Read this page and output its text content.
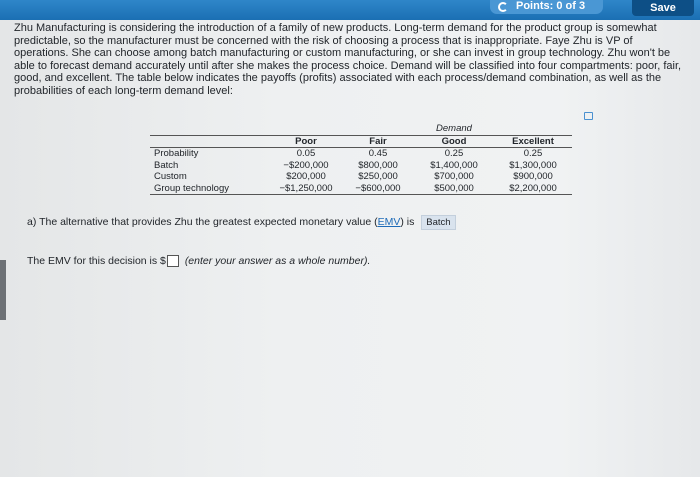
Points: 0 of 3	Save

Zhu Manufacturing is considering the introduction of a family of new products. Long-term demand for the product group is somewhat predictable, so the manufacturer must be concerned with the risk of choosing a process that is inappropriate. Faye Zhu is VP of operations. She can choose among batch manufacturing or custom manufacturing, or she can invest in group technology. Zhu won't be able to forecast demand accurately until after she makes the process choice. Demand will be classified into four compartments: poor, fair, good, and excellent. The table below indicates the payoffs (profits) associated with each process/demand combination, as well as the probabilities of each long-term demand level:

			Demand	
	Poor	Fair	Good	Excellent
Probability	0.05	0.45	0.25	0.25
Batch	−$200,000	$800,000	$1,400,000	$1,300,000
Custom	$200,000	$250,000	$700,000	$900,000
Group technology	−$1,250,000	−$600,000	$500,000	$2,200,000
a) The alternative that provides Zhu the greatest expected monetary value (EMV) is Batch
The EMV for this decision is $ (enter your answer as a whole number).
